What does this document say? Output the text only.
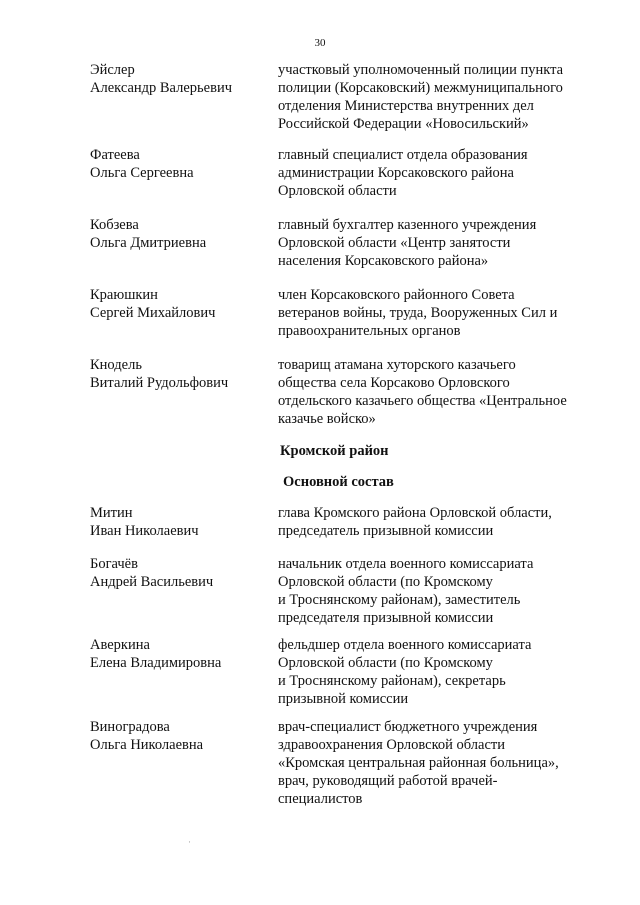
30
Эйслер
Александр Валерьевич
участковый уполномоченный полиции пункта
полиции (Корсаковский) межмуниципального
отделения Министерства внутренних дел
Российской Федерации «Новосильский»
Фатеева
Ольга Сергеевна
главный специалист отдела образования
администрации Корсаковского района
Орловской области
Кобзева
Ольга Дмитриевна
главный бухгалтер казенного учреждения
Орловской области «Центр занятости
населения Корсаковского района»
Краюшкин
Сергей Михайлович
член Корсаковского районного Совета
ветеранов войны, труда, Вооруженных Сил и
правоохранительных органов
Кнодель
Виталий Рудольфович
товарищ атамана хуторского казачьего
общества села Корсаково Орловского
отдельского казачьего общества «Центральное
казачье войско»
Кромской район
Основной состав
Митин
Иван Николаевич
глава Кромского района Орловской области,
председатель призывной комиссии
Богачёв
Андрей Васильевич
начальник отдела военного комиссариата
Орловской области (по Кромскому
и Троснянскому районам), заместитель
председателя призывной комиссии
Аверкина
Елена Владимировна
фельдшер отдела военного комиссариата
Орловской области (по Кромскому
и Троснянскому районам), секретарь
призывной комиссии
Виноградова
Ольга Николаевна
врач-специалист бюджетного учреждения
здравоохранения Орловской области
«Кромская центральная районная больница»,
врач, руководящий работой врачей-
специалистов
·
